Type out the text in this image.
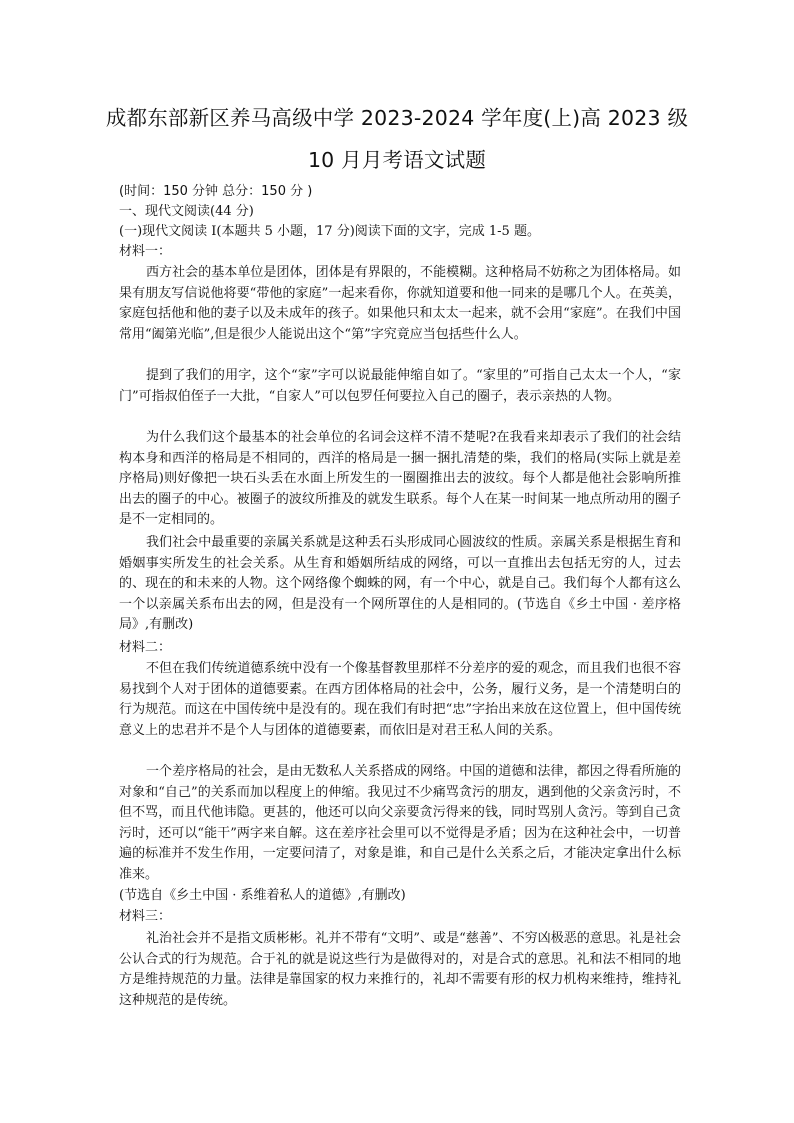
成都东部新区养马高级中学 2023-2024 学年度(上)高 2023 级
10 月月考语文试题
(时间：150 分钟 总分：150 分 )
一、现代文阅读(44 分)
(一)现代文阅读 I(本题共 5 小题，17 分)阅读下面的文字，完成 1-5 题。
材料一：
西方社会的基本单位是团体，团体是有界限的，不能模糊。这种格局不妨称之为团体格局。如果有朋友写信说他将要“带他的家庭”一起来看你，你就知道要和他一同来的是哪几个人。在英美，家庭包括他和他的妻子以及未成年的孩子。如果他只和太太一起来，就不会用“家庭”。在我们中国常用“阖第光临”,但是很少人能说出这个“第”字究竟应当包括些什么人。
提到了我们的用字，这个“家”字可以说最能伸缩自如了。“家里的”可指自己太太一个人，“家门”可指叔伯侄子一大批，“自家人”可以包罗任何要拉入自己的圈子，表示亲热的人物。
为什么我们这个最基本的社会单位的名词会这样不清不楚呢?在我看来却表示了我们的社会结构本身和西洋的格局是不相同的，西洋的格局是一捆一捆扎清楚的柴，我们的格局(实际上就是差序格局)则好像把一块石头丢在水面上所发生的一圈圈推出去的波纹。每个人都是他社会影响所推出去的圈子的中心。被圈子的波纹所推及的就发生联系。每个人在某一时间某一地点所动用的圈子是不一定相同的。
我们社会中最重要的亲属关系就是这种丢石头形成同心圆波纹的性质。亲属关系是根据生育和婚姻事实所发生的社会关系。从生育和婚姻所结成的网络，可以一直推出去包括无穷的人，过去的、现在的和未来的人物。这个网络像个蜘蛛的网，有一个中心，就是自己。我们每个人都有这么一个以亲属关系布出去的网，但是没有一个网所罩住的人是相同的。(节选自《乡土中国 · 差序格局》,有删改)
材料二：
不但在我们传统道德系统中没有一个像基督教里那样不分差序的爱的观念，而且我们也很不容易找到个人对于团体的道德要素。在西方团体格局的社会中，公务，履行义务，是一个清楚明白的行为规范。而这在中国传统中是没有的。现在我们有时把“忠”字抬出来放在这位置上，但中国传统意义上的忠君并不是个人与团体的道德要素，而依旧是对君王私人间的关系。
一个差序格局的社会，是由无数私人关系搭成的网络。中国的道德和法律，都因之得看所施的对象和“自己”的关系而加以程度上的伸缩。我见过不少痛骂贪污的朋友，遇到他的父亲贪污时，不但不骂，而且代他讳隐。更甚的，他还可以向父亲要贪污得来的钱，同时骂别人贪污。等到自己贪污时，还可以“能干”两字来自解。这在差序社会里可以不觉得是矛盾；因为在这种社会中，一切普遍的标准并不发生作用，一定要问清了，对象是谁，和自己是什么关系之后，才能决定拿出什么标准来。
(节选自《乡土中国 · 系维着私人的道德》,有删改)
材料三：
礼治社会并不是指文质彬彬。礼并不带有“文明”、或是“慈善”、不穷凶极恶的意思。礼是社会公认合式的行为规范。合于礼的就是说这些行为是做得对的，对是合式的意思。礼和法不相同的地方是维持规范的力量。法律是靠国家的权力来推行的，礼却不需要有形的权力机构来维持，维持礼这种规范的是传统。
